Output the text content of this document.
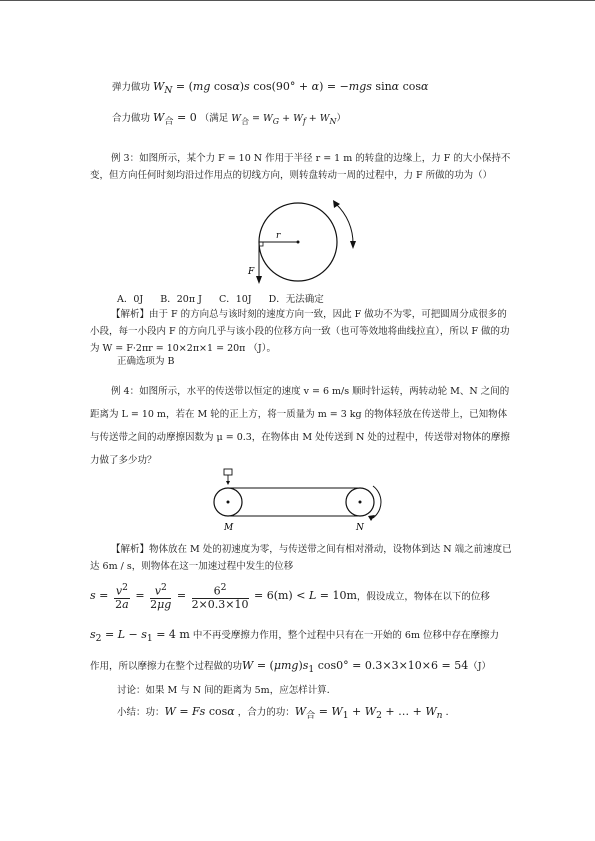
弹力做功 $W_N = (mg$ cosα)s cos(90° + α) = −mgs sinα cosα
合力做功 $W_合 = 0$ （满足 $W_合 = W_G + W_f + W_N$）
例 3：如图所示，某个力 F = 10 N 作用于半径 r = 1 m 的转盘的边缘上，力 F 的大小保持不变，但方向任何时刻均沿过作用点的切线方向，则转盘转动一周的过程中，力 F 所做的功为（）
r
F
A．0J B．20π J C．10J D．无法确定
【解析】由于 F 的方向总与该时刻的速度方向一致，因此 F 做功不为零，可把圆周分成很多的小段，每一小段内 F 的方向几乎与该小段的位移方向一致（也可等效地将曲线拉直），所以 F 做的功为 W = F·2πr = 10×2π×1 = 20π （J）。
正确选项为 B
例 4：如图所示，水平的传送带以恒定的速度 v = 6 m/s 顺时针运转，两转动轮 M、N 之间的距离为 L = 10 m，若在 M 轮的正上方，将一质量为 m = 3 kg 的物体轻放在传送带上，已知物体与传送带之间的动摩擦因数为 μ = 0.3，在物体由 M 处传送到 N 处的过程中，传送带对物体的摩擦力做了多少功？
M	N
【解析】物体放在 M 处的初速度为零，与传送带之间有相对滑动，设物体到达 N 端之前速度已达 6m / s，则物体在这一加速过程中发生的位移
$s = \frac{v^2}{2a} = \frac{v^2}{2\mu g} = \frac{6^2}{2\times 0.3\times 10} = 6(m) < L = 10m$，假设成立，物体在以下的位移
$s_2 = L - s_1 = 4$ m 中不再受摩擦力作用，整个过程中只有在一开始的 6m 位移中存在摩擦力
作用，所以摩擦力在整个过程做的功$W = (\mu mg)s_1$ cos0° = 0.3×3×10×6 = 54（J）
讨论：如果 M 与 N 间的距离为 5m，应怎样计算．
小结：功：W = Fs cosα ，合力的功：$W_合 = W_1 + W_2$ + … + $W_n$ ．
